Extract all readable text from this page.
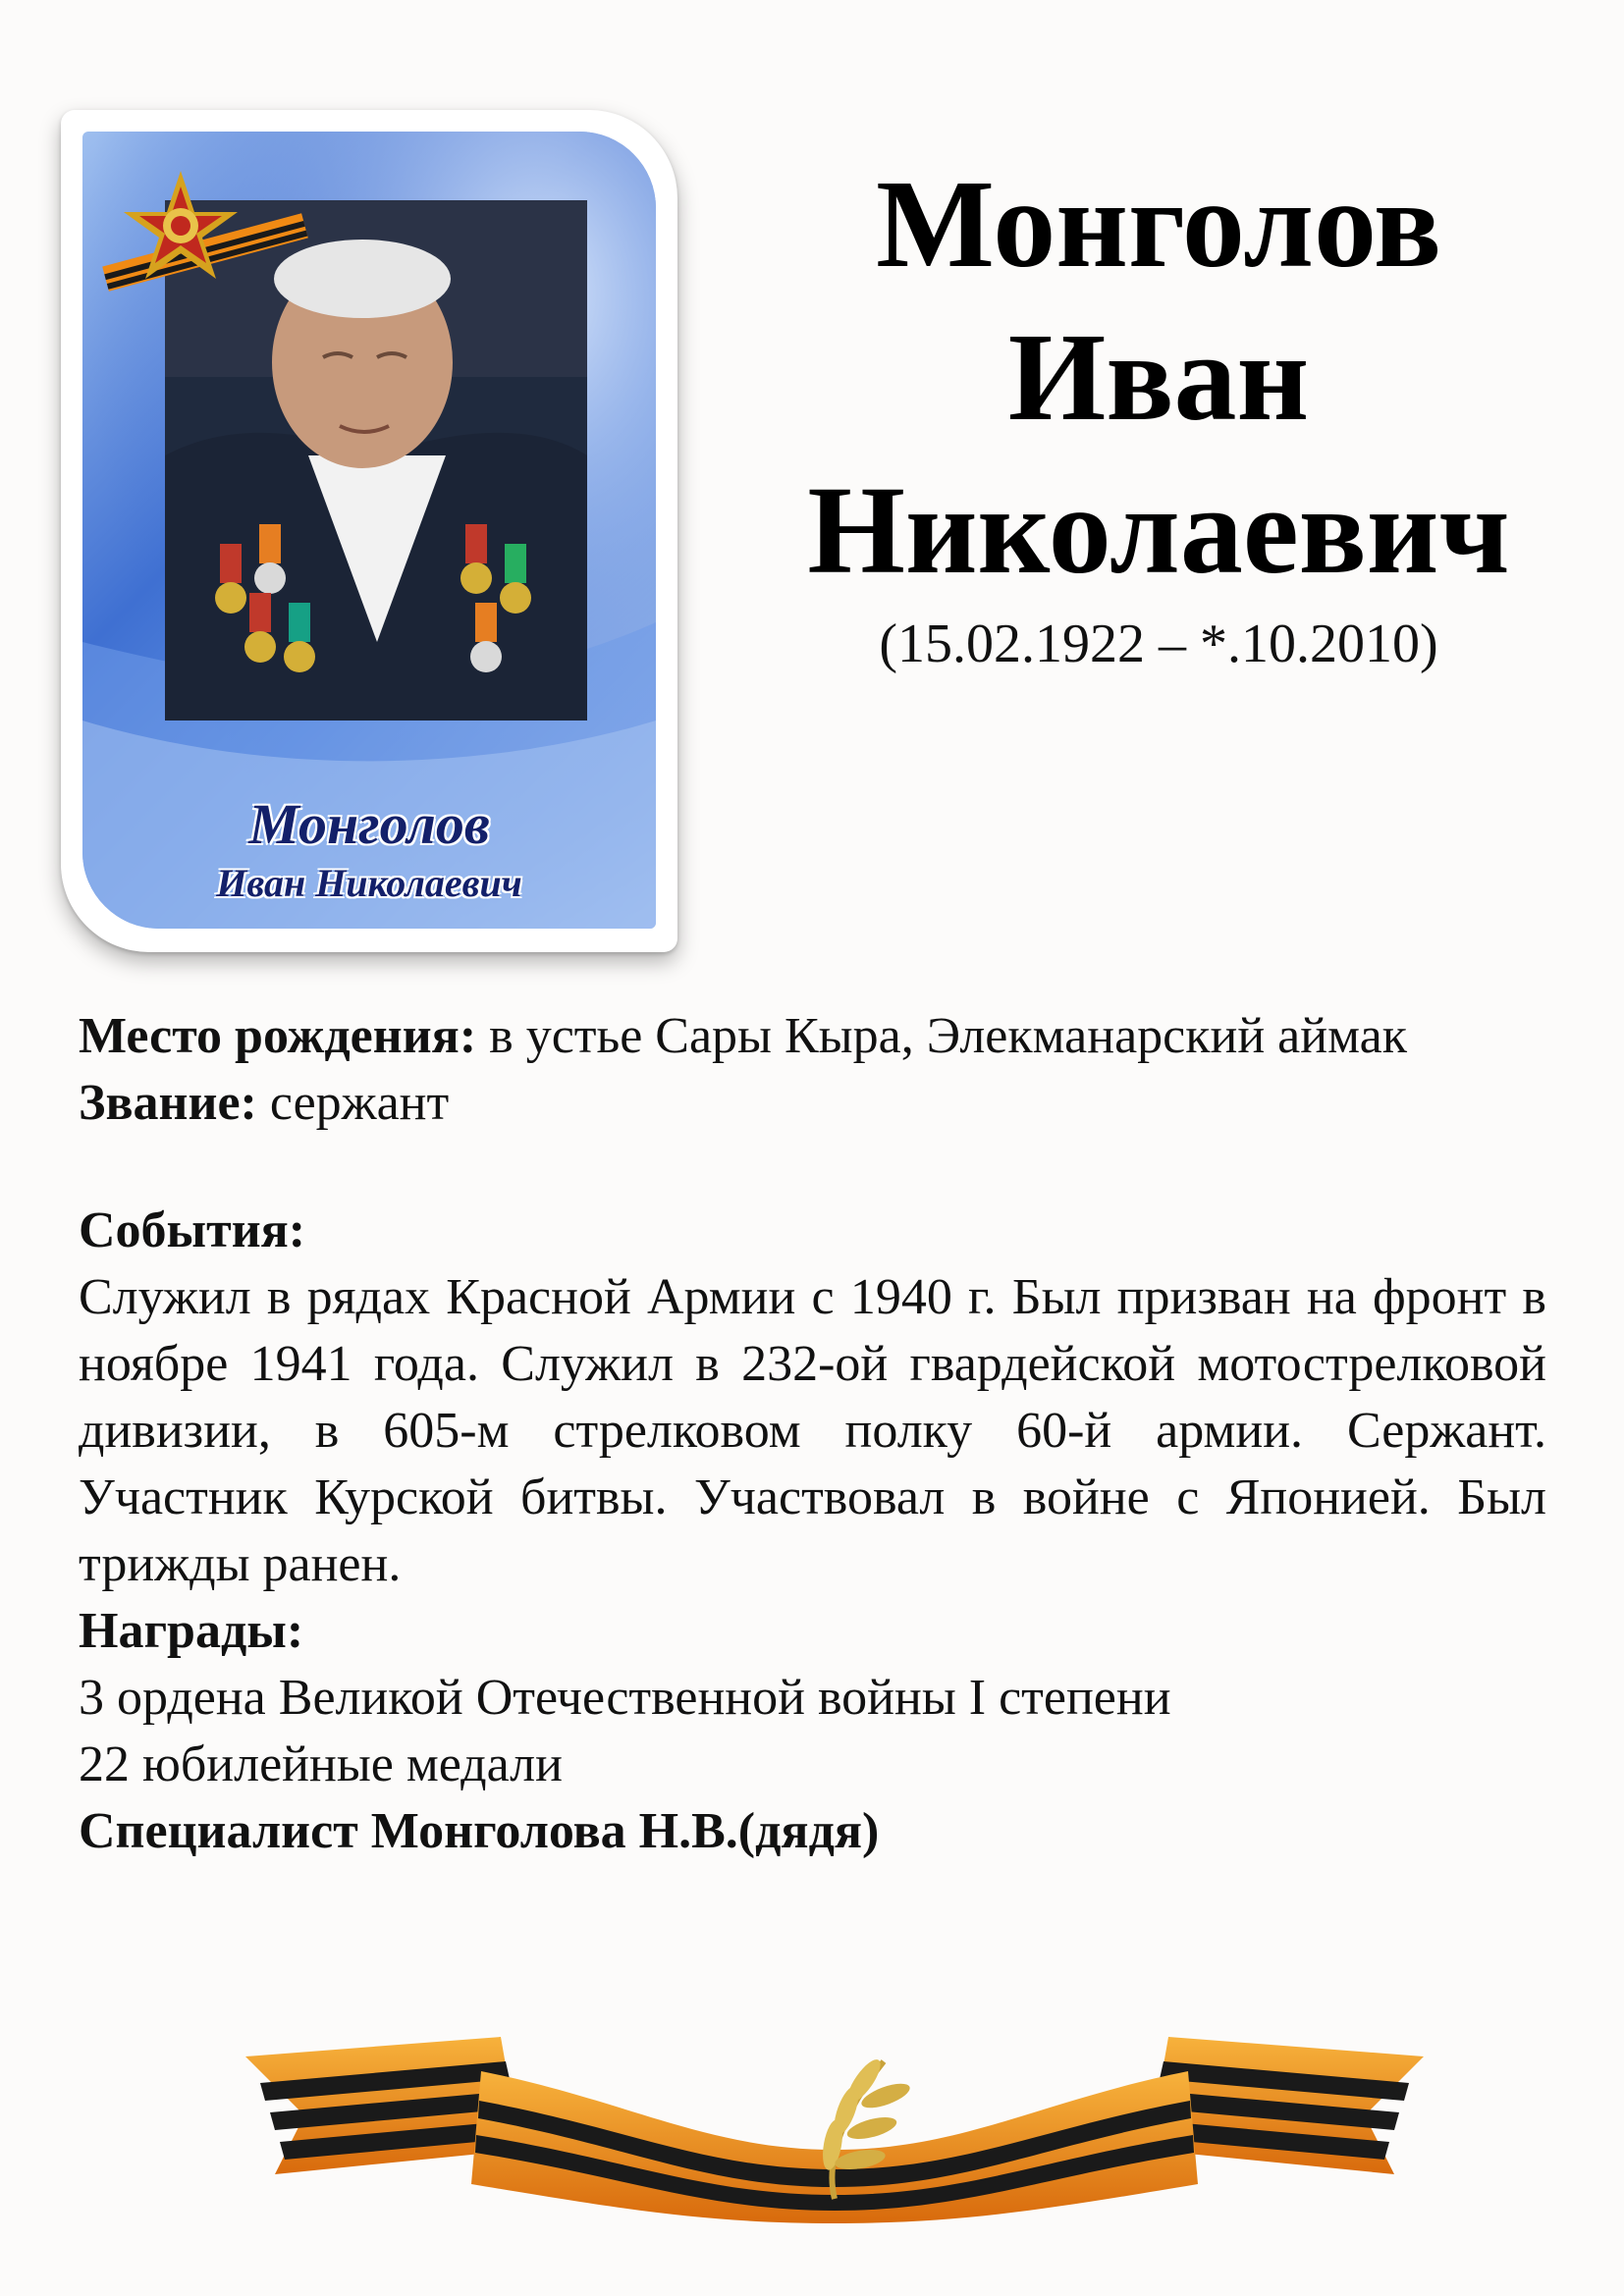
Монголов
Иван Николаевич
Монголов
Иван
Николаевич
(15.02.1922 – *.10.2010)

Место рождения: в устье Сары Кыра, Элекманарский аймак

Звание: сержант

События:

Служил в рядах Красной Армии с 1940 г. Был призван на фронт в ноябре 1941 года. Служил в 232-ой гвардейской мотострелковой дивизии, в 605-м стрелковом полку 60-й армии. Сержант. Участник Курской битвы. Участвовал в войне с Японией. Был трижды ранен.

Награды:

3 ордена Великой Отечественной войны I степени

22 юбилейные медали

Специалист Монголова Н.В.(дядя)
